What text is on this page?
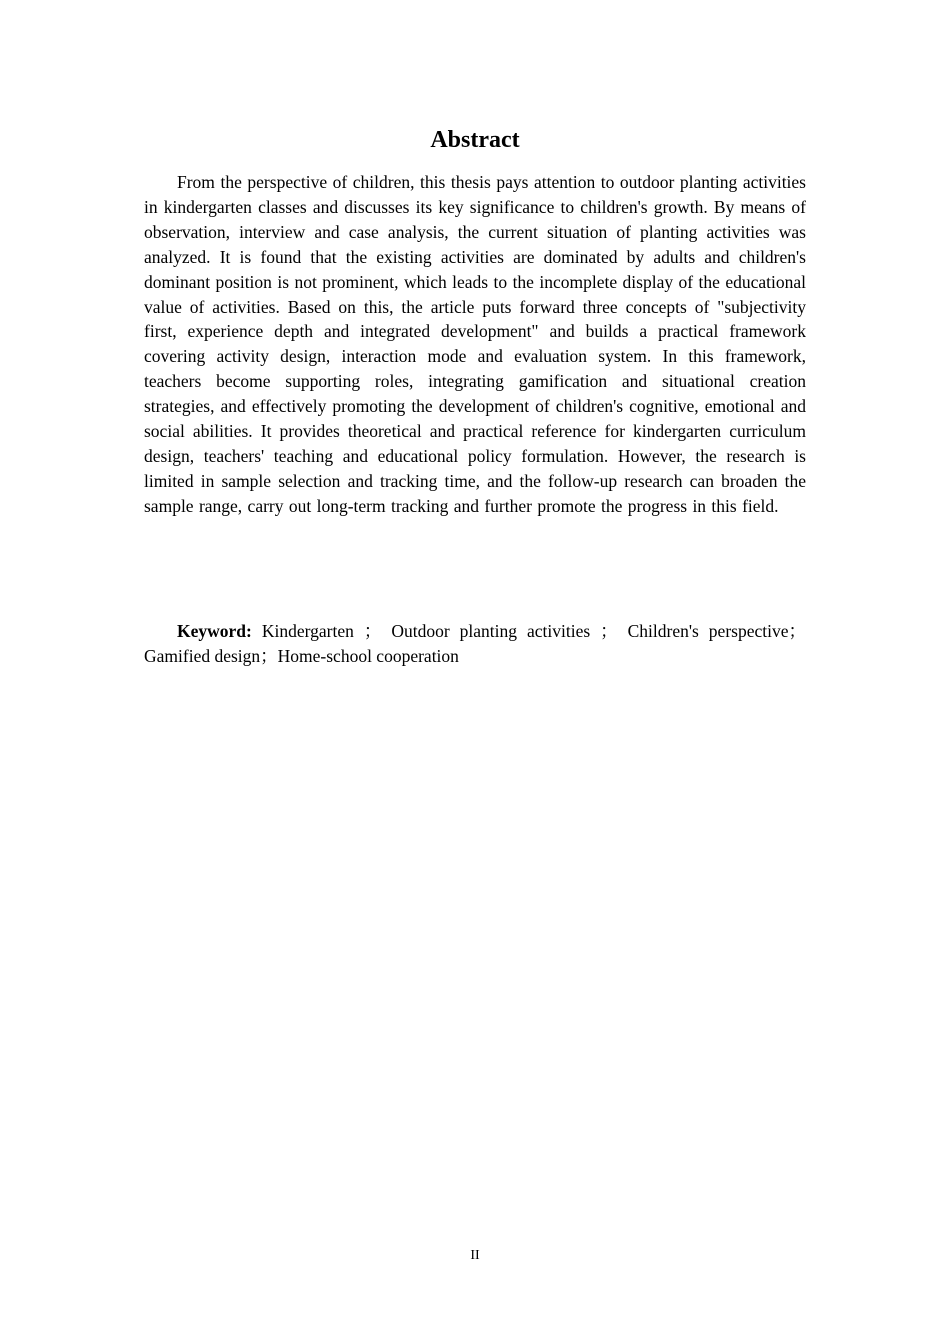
Abstract

From the perspective of children, this thesis pays attention to outdoor planting activities in kindergarten classes and discusses its key significance to children's growth. By means of observation, interview and case analysis, the current situation of planting activities was analyzed. It is found that the existing activities are dominated by adults and children's dominant position is not prominent, which leads to the incomplete display of the educational value of activities. Based on this, the article puts forward three concepts of "subjectivity first, experience depth and integrated development" and builds a practical framework covering activity design, interaction mode and evaluation system. In this framework, teachers become supporting roles, integrating gamification and situational creation strategies, and effectively promoting the development of children's cognitive, emotional and social abilities. It provides theoretical and practical reference for kindergarten curriculum design, teachers' teaching and educational policy formulation. However, the research is limited in sample selection and tracking time, and the follow-up research can broaden the sample range, carry out long-term tracking and further promote the progress in this field.

Keyword: Kindergarten ； Outdoor planting activities ； Children's perspective；Gamified design；Home-school cooperation

II
